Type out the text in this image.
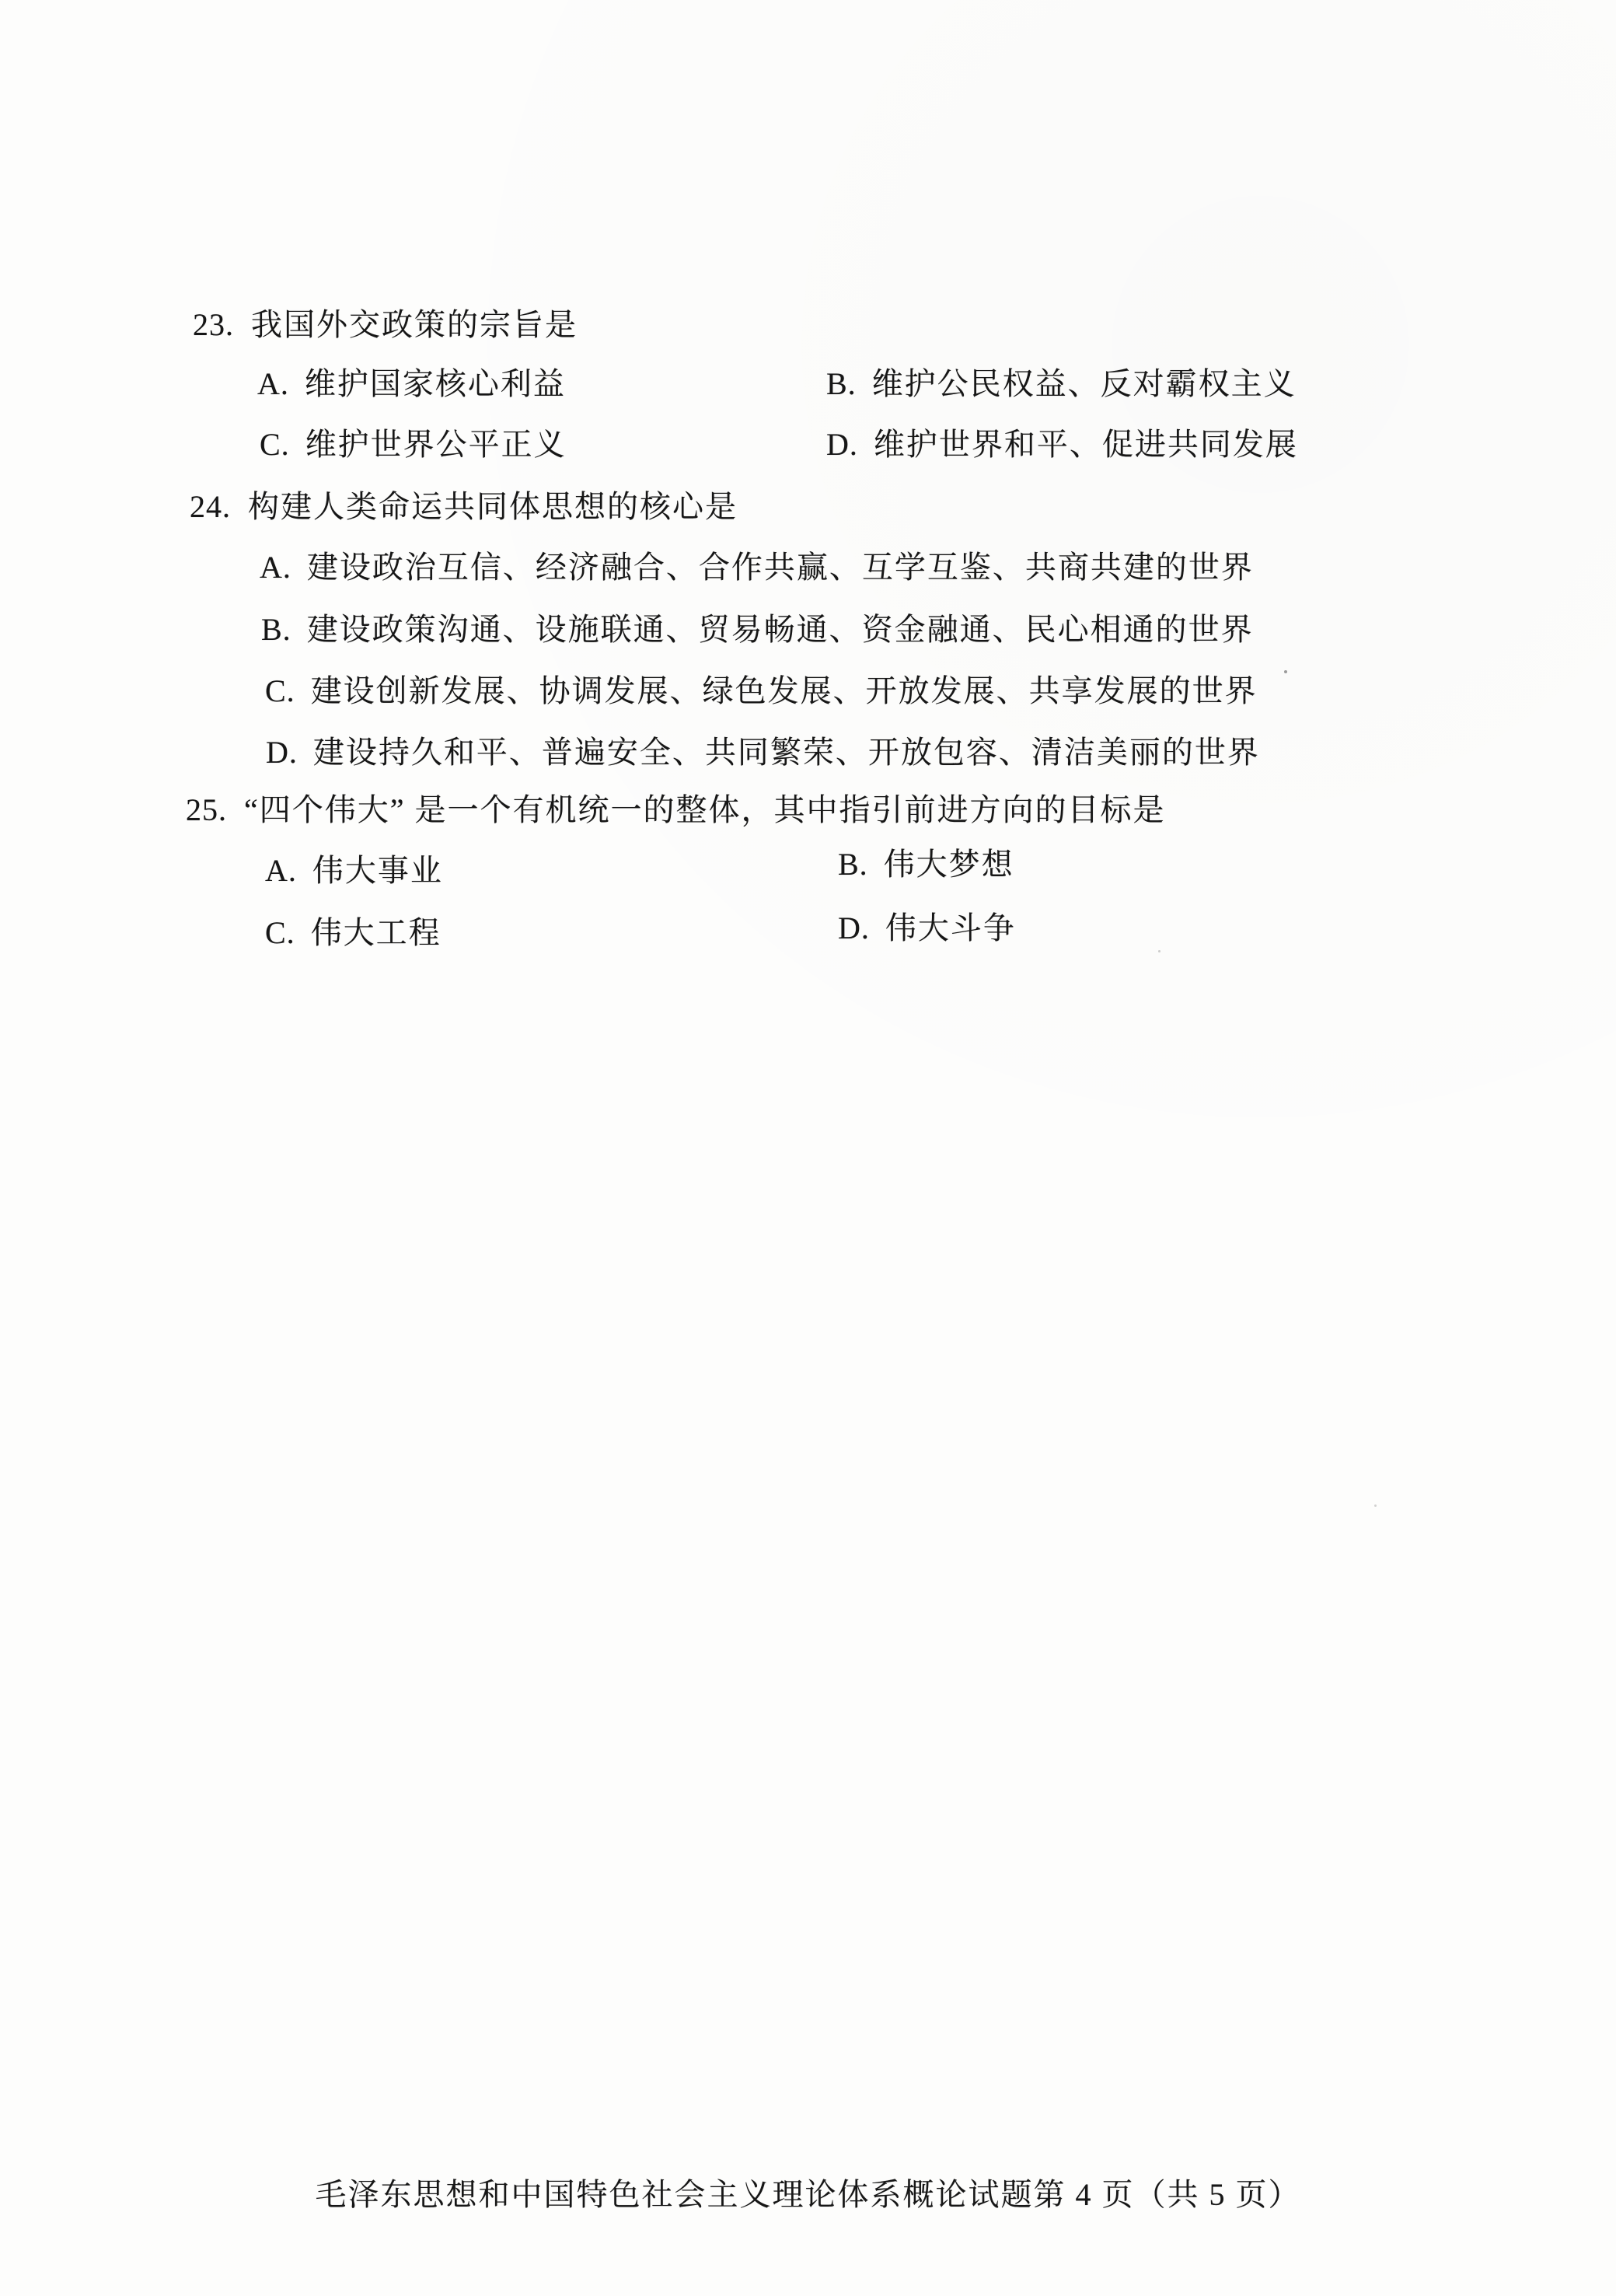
23. 我国外交政策的宗旨是
A. 维护国家核心利益	B. 维护公民权益、反对霸权主义
C. 维护世界公平正义	D. 维护世界和平、促进共同发展
24. 构建人类命运共同体思想的核心是
A. 建设政治互信、经济融合、合作共赢、互学互鉴、共商共建的世界
B. 建设政策沟通、设施联通、贸易畅通、资金融通、民心相通的世界
C. 建设创新发展、协调发展、绿色发展、开放发展、共享发展的世界
D. 建设持久和平、普遍安全、共同繁荣、开放包容、清洁美丽的世界
25. “四个伟大” 是一个有机统一的整体，其中指引前进方向的目标是
A. 伟大事业	B. 伟大梦想
C. 伟大工程	D. 伟大斗争
毛泽东思想和中国特色社会主义理论体系概论试题第 4 页（共 5 页）
